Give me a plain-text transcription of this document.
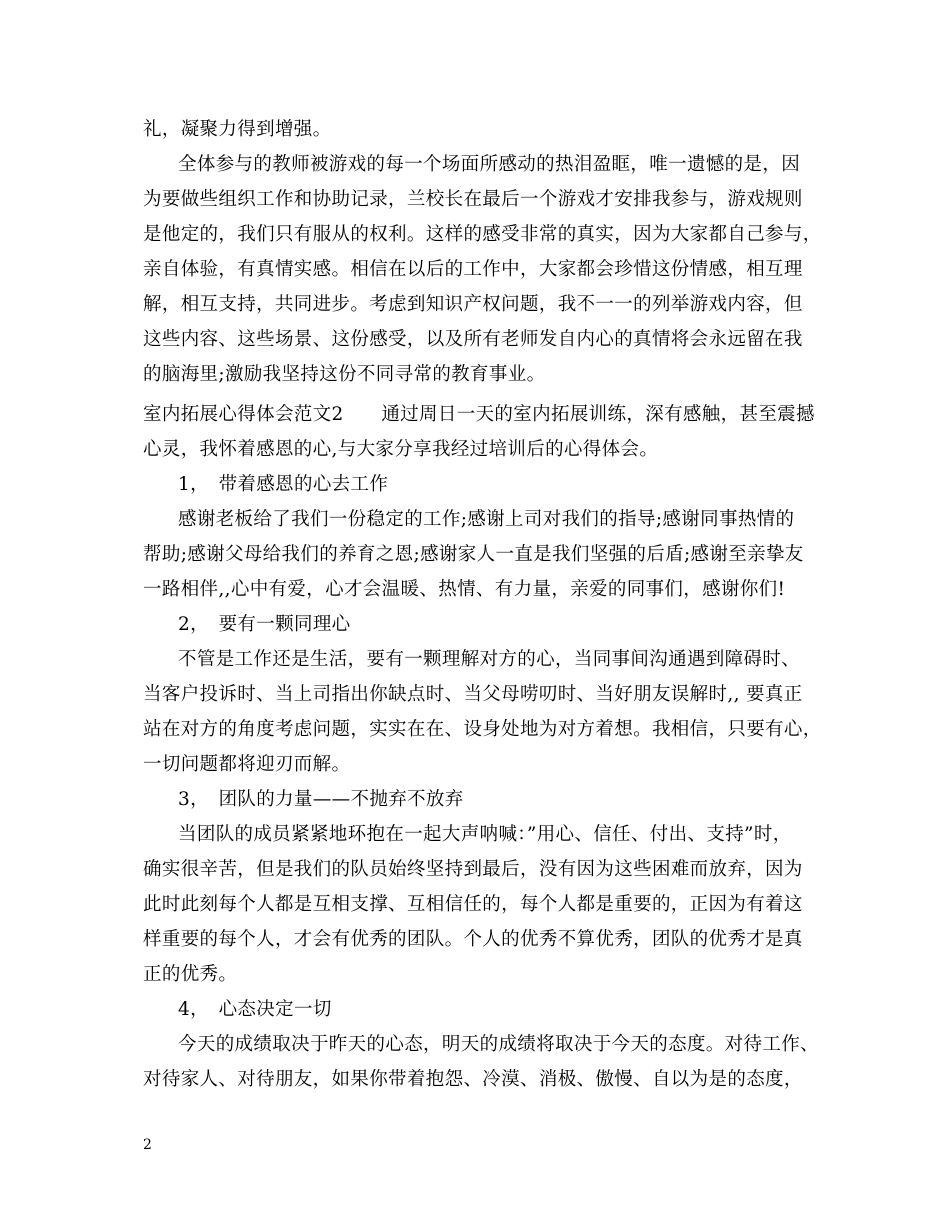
礼，凝聚力得到增强。
全体参与的教师被游戏的每一个场面所感动的热泪盈眶，唯一遗憾的是，因
为要做些组织工作和协助记录，兰校长在最后一个游戏才安排我参与，游戏规则
是他定的，我们只有服从的权利。这样的感受非常的真实，因为大家都自己参与，
亲自体验，有真情实感。相信在以后的工作中，大家都会珍惜这份情感，相互理
解，相互支持，共同进步。考虑到知识产权问题，我不一一的列举游戏内容，但
这些内容、这些场景、这份感受，以及所有老师发自内心的真情将会永远留在我
的脑海里;激励我坚持这份不同寻常的教育事业。
室内拓展心得体会范文2　　通过周日一天的室内拓展训练，深有感触，甚至震撼
心灵，我怀着感恩的心,与大家分享我经过培训后的心得体会。
1，　带着感恩的心去工作
感谢老板给了我们一份稳定的工作;感谢上司对我们的指导;感谢同事热情的
帮助;感谢父母给我们的养育之恩;感谢家人一直是我们坚强的后盾;感谢至亲挚友
一路相伴,,心中有爱，心才会温暖、热情、有力量，亲爱的同事们，感谢你们!
2，　要有一颗同理心
不管是工作还是生活，要有一颗理解对方的心，当同事间沟通遇到障碍时、
当客户投诉时、当上司指出你缺点时、当父母唠叨时、当好朋友误解时,, 要真正
站在对方的角度考虑问题，实实在在、设身处地为对方着想。我相信，只要有心，
一切问题都将迎刃而解。
3，　团队的力量——不抛弃不放弃
当团队的成员紧紧地环抱在一起大声呐喊：”用心、信任、付出、支持”时，
确实很辛苦，但是我们的队员始终坚持到最后，没有因为这些困难而放弃，因为
此时此刻每个人都是互相支撑、互相信任的，每个人都是重要的，正因为有着这
样重要的每个人，才会有优秀的团队。个人的优秀不算优秀，团队的优秀才是真
正的优秀。
4，　心态决定一切
今天的成绩取决于昨天的心态，明天的成绩将取决于今天的态度。对待工作、
对待家人、对待朋友，如果你带着抱怨、冷漠、消极、傲慢、自以为是的态度，
2
